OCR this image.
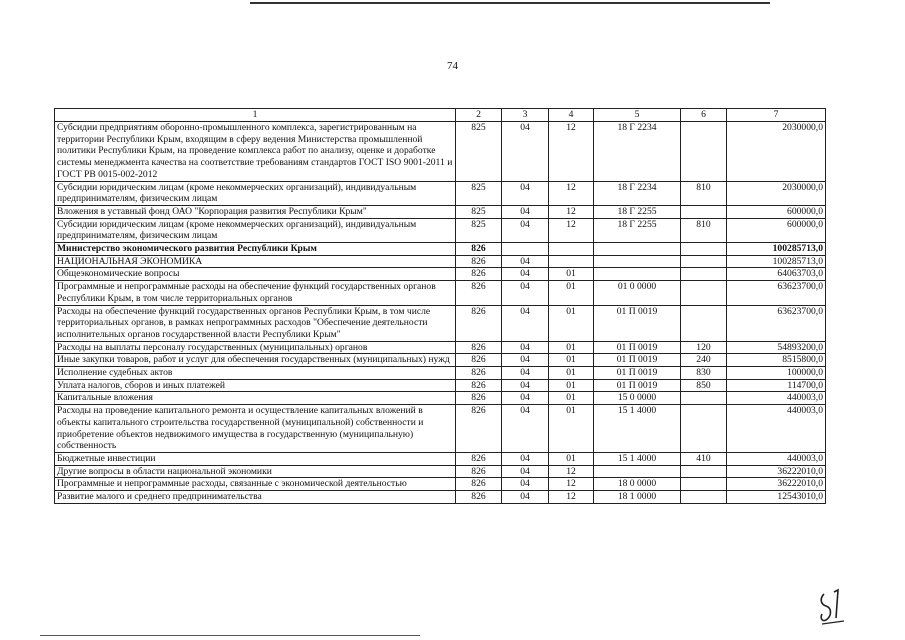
74
1	2	3	4	5	6	7
Субсидии предприятиям оборонно-промышленного комплекса, зарегистрированным на территории Республики Крым, входящим в сферу ведения Министерства промышленной политики Республики Крым, на проведение комплекса работ по анализу, оценке и доработке системы менеджмента качества на соответствие требованиям стандартов ГОСТ ISO 9001-2011 и ГОСТ РВ 0015-002-2012	825	04	12	18 Г 2234		2030000,0
Субсидии юридическим лицам (кроме некоммерческих организаций), индивидуальным предпринимателям, физическим лицам	825	04	12	18 Г 2234	810	2030000,0
Вложения в уставный фонд ОАО "Корпорация развития Республики Крым"	825	04	12	18 Г 2255		600000,0
Субсидии юридическим лицам (кроме некоммерческих организаций), индивидуальным предпринимателям, физическим лицам	825	04	12	18 Г 2255	810	600000,0
Министерство экономического развития Республики Крым	826					100285713,0
НАЦИОНАЛЬНАЯ ЭКОНОМИКА	826	04				100285713,0
Общеэкономические вопросы	826	04	01			64063703,0
Программные и непрограммные расходы на обеспечение функций государственных органов Республики Крым, в том числе территориальных органов	826	04	01	01 0 0000		63623700,0
Расходы на обеспечение функций государственных органов Республики Крым, в том числе территориальных органов, в рамках непрограммных расходов "Обеспечение деятельности исполнительных органов государственной власти Республики Крым"	826	04	01	01 П 0019		63623700,0
Расходы на выплаты персоналу государственных (муниципальных) органов	826	04	01	01 П 0019	120	54893200,0
Иные закупки товаров, работ и услуг для обеспечения государственных (муниципальных) нужд	826	04	01	01 П 0019	240	8515800,0
Исполнение судебных актов	826	04	01	01 П 0019	830	100000,0
Уплата налогов, сборов и иных платежей	826	04	01	01 П 0019	850	114700,0
Капитальные вложения	826	04	01	15 0 0000		440003,0
Расходы на проведение капитального ремонта и осуществление капитальных вложений в объекты капитального строительства государственной (муниципальной) собственности и приобретение объектов недвижимого имущества в государственную (муниципальную) собственность	826	04	01	15 1 4000		440003,0
Бюджетные инвестиции	826	04	01	15 1 4000	410	440003,0
Другие вопросы в области национальной экономики	826	04	12			36222010,0
Программные и непрограммные расходы, связанные с экономической деятельностью	826	04	12	18 0 0000		36222010,0
Развитие малого и среднего предпринимательства	826	04	12	18 1 0000		12543010,0
